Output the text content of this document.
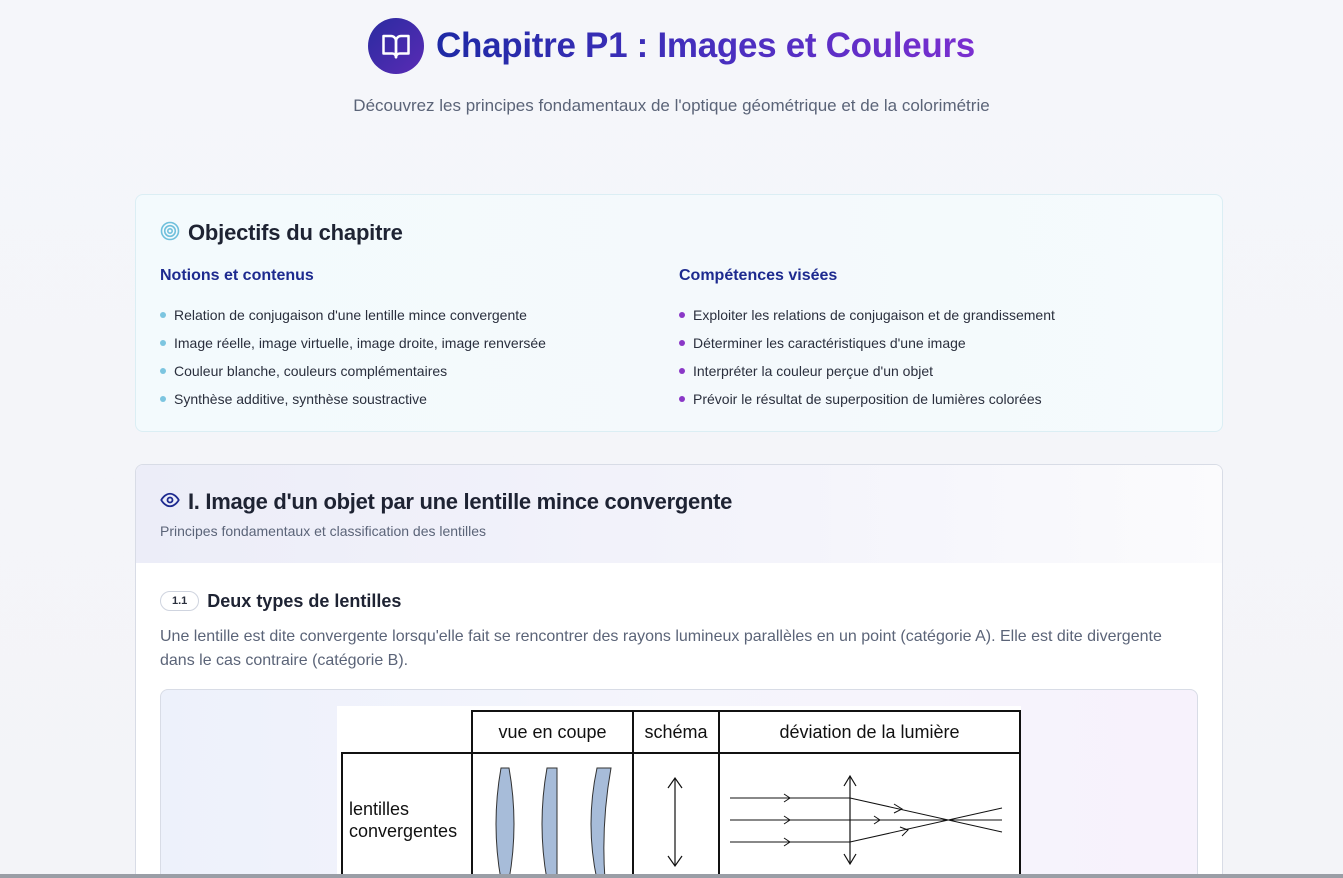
Chapitre P1 : Images et Couleurs

Découvrez les principes fondamentaux de l'optique géométrique et de la colorimétrie

Objectifs du chapitre
Notions et contenus
Relation de conjugaison d'une lentille mince convergente
Image réelle, image virtuelle, image droite, image renversée
Couleur blanche, couleurs complémentaires
Synthèse additive, synthèse soustractive
Compétences visées
Exploiter les relations de conjugaison et de grandissement
Déterminer les caractéristiques d'une image
Interpréter la couleur perçue d'un objet
Prévoir le résultat de superposition de lumières colorées
I. Image d'un objet par une lentille mince convergente

Principes fondamentaux et classification des lentilles

1.1	Deux types de lentilles

Une lentille est dite convergente lorsqu'elle fait se rencontrer des rayons lumineux parallèles en un point (catégorie A). Elle est dite divergente dans le cas contraire (catégorie B).

	vue en coupe	schéma	déviation de la lumière
lentilles
convergentes			
